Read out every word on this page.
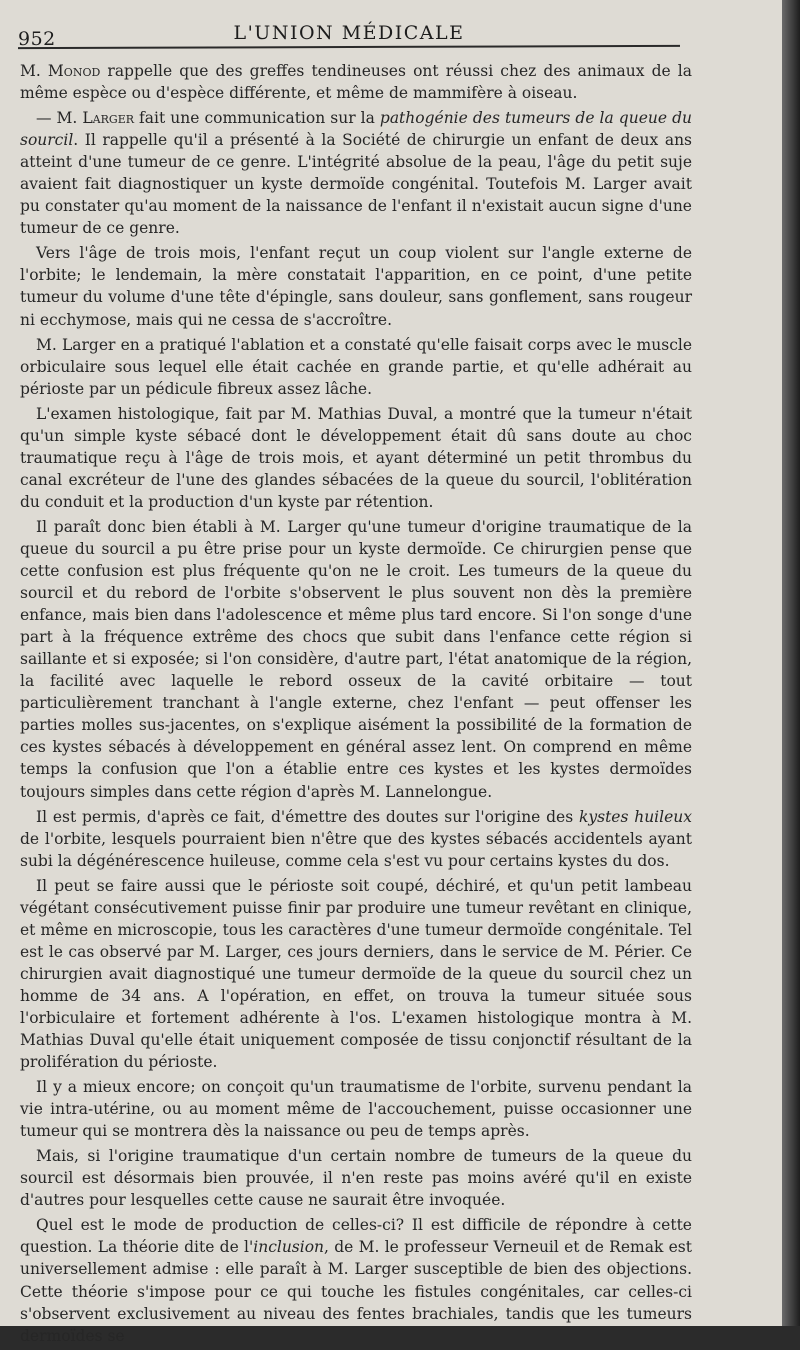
952	L'UNION MÉDICALE

M. Monod rappelle que des greffes tendineuses ont réussi chez des animaux de la même espèce ou d'espèce différente, et même de mammifère à oiseau.

— M. Larger fait une communication sur la pathogénie des tumeurs de la queue du sourcil. Il rappelle qu'il a présenté à la Société de chirurgie un enfant de deux ans atteint d'une tumeur de ce genre. L'intégrité absolue de la peau, l'âge du petit suje avaient fait diagnostiquer un kyste dermoïde congénital. Toutefois M. Larger avait pu constater qu'au moment de la naissance de l'enfant il n'existait aucun signe d'une tumeur de ce genre.

Vers l'âge de trois mois, l'enfant reçut un coup violent sur l'angle externe de l'orbite; le lendemain, la mère constatait l'apparition, en ce point, d'une petite tumeur du volume d'une tête d'épingle, sans douleur, sans gonflement, sans rougeur ni ecchymose, mais qui ne cessa de s'accroître.

M. Larger en a pratiqué l'ablation et a constaté qu'elle faisait corps avec le muscle orbiculaire sous lequel elle était cachée en grande partie, et qu'elle adhérait au périoste par un pédicule fibreux assez lâche.

L'examen histologique, fait par M. Mathias Duval, a montré que la tumeur n'était qu'un simple kyste sébacé dont le développement était dû sans doute au choc traumatique reçu à l'âge de trois mois, et ayant déterminé un petit thrombus du canal excréteur de l'une des glandes sébacées de la queue du sourcil, l'oblitération du conduit et la production d'un kyste par rétention.

Il paraît donc bien établi à M. Larger qu'une tumeur d'origine traumatique de la queue du sourcil a pu être prise pour un kyste dermoïde. Ce chirurgien pense que cette confusion est plus fréquente qu'on ne le croit. Les tumeurs de la queue du sourcil et du rebord de l'orbite s'observent le plus souvent non dès la première enfance, mais bien dans l'adolescence et même plus tard encore. Si l'on songe d'une part à la fréquence extrême des chocs que subit dans l'enfance cette région si saillante et si exposée; si l'on considère, d'autre part, l'état anatomique de la région, la facilité avec laquelle le rebord osseux de la cavité orbitaire — tout particulièrement tranchant à l'angle externe, chez l'enfant — peut offenser les parties molles sus-jacentes, on s'explique aisément la possibilité de la formation de ces kystes sébacés à développement en général assez lent. On comprend en même temps la confusion que l'on a établie entre ces kystes et les kystes dermoïdes toujours simples dans cette région d'après M. Lannelongue.

Il est permis, d'après ce fait, d'émettre des doutes sur l'origine des kystes huileux de l'orbite, lesquels pourraient bien n'être que des kystes sébacés accidentels ayant subi la dégénérescence huileuse, comme cela s'est vu pour certains kystes du dos.

Il peut se faire aussi que le périoste soit coupé, déchiré, et qu'un petit lambeau végétant consécutivement puisse finir par produire une tumeur revêtant en clinique, et même en microscopie, tous les caractères d'une tumeur dermoïde congénitale. Tel est le cas observé par M. Larger, ces jours derniers, dans le service de M. Périer. Ce chirurgien avait diagnostiqué une tumeur dermoïde de la queue du sourcil chez un homme de 34 ans. A l'opération, en effet, on trouva la tumeur située sous l'orbiculaire et fortement adhérente à l'os. L'examen histologique montra à M. Mathias Duval qu'elle était uniquement composée de tissu conjonctif résultant de la prolifération du périoste.

Il y a mieux encore; on conçoit qu'un traumatisme de l'orbite, survenu pendant la vie intra-utérine, ou au moment même de l'accouchement, puisse occasionner une tumeur qui se montrera dès la naissance ou peu de temps après.

Mais, si l'origine traumatique d'un certain nombre de tumeurs de la queue du sourcil est désormais bien prouvée, il n'en reste pas moins avéré qu'il en existe d'autres pour lesquelles cette cause ne saurait être invoquée.

Quel est le mode de production de celles-ci? Il est difficile de répondre à cette question. La théorie dite de l'inclusion, de M. le professeur Verneuil et de Remak est universellement admise : elle paraît à M. Larger susceptible de bien des objections. Cette théorie s'impose pour ce qui touche les fistules congénitales, car celles-ci s'observent exclusivement au niveau des fentes brachiales, tandis que les tumeurs dermoïdes se
